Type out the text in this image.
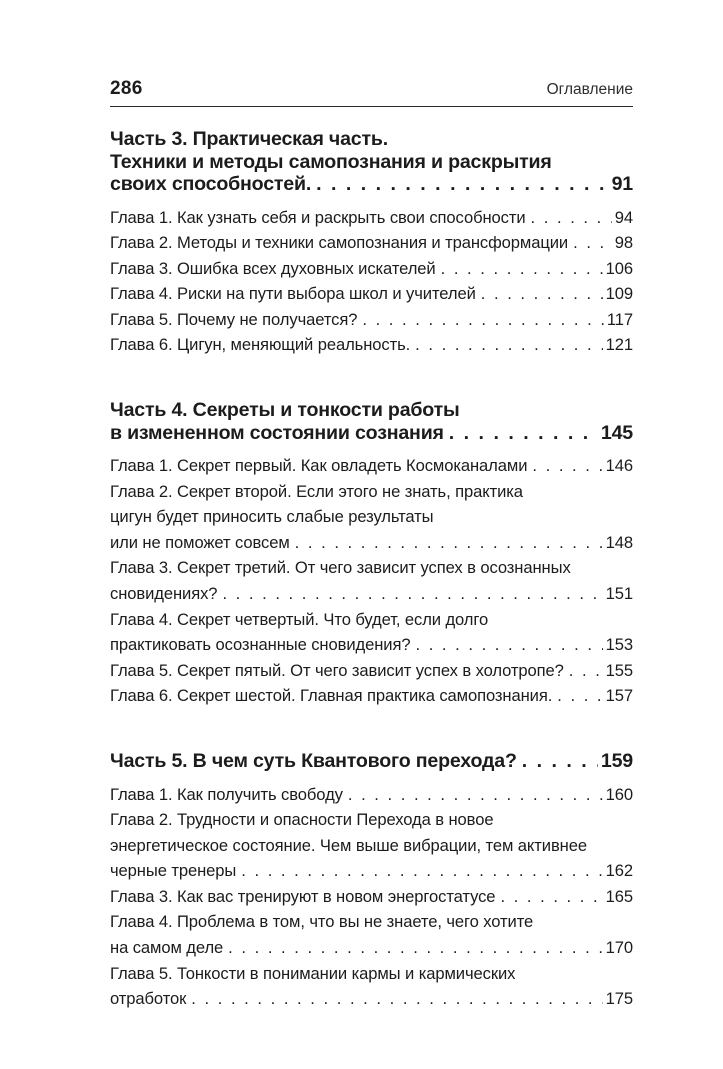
286	Оглавление
Часть 3. Практическая часть.
Техники и методы самопознания и раскрытия
своих способностей. . . .	91
Глава 1. Как узнать себя и раскрыть свои способности . . .	94
Глава 2. Методы и техники самопознания и трансформации . . .	98
Глава 3. Ошибка всех духовных искателей . . .	106
Глава 4. Риски на пути выбора школ и учителей . . .	109
Глава 5. Почему не получается? . . .	117
Глава 6. Цигун, меняющий реальность. . . .	121
Часть 4. Секреты и тонкости работы
в измененном состоянии сознания . . .	145
Глава 1. Секрет первый. Как овладеть Космоканалами . . .	146
Глава 2. Секрет второй. Если этого не знать, практика
цигун будет приносить слабые результаты
или не поможет совсем . . .	148
Глава 3. Секрет третий. От чего зависит успех в осознанных
сновидениях? . . .	151
Глава 4. Секрет четвертый. Что будет, если долго
практиковать осознанные сновидения? . . .	153
Глава 5. Секрет пятый. От чего зависит успех в холотропе? . . .	155
Глава 6. Секрет шестой. Главная практика самопознания. . . .	157
Часть 5. В чем суть Квантового перехода? . . .	159
Глава 1. Как получить свободу . . .	160
Глава 2. Трудности и опасности Перехода в новое
энергетическое состояние. Чем выше вибрации, тем активнее
черные тренеры . . .	162
Глава 3. Как вас тренируют в новом энергостатусе . . .	165
Глава 4. Проблема в том, что вы не знаете, чего хотите
на самом деле . . .	170
Глава 5. Тонкости в понимании кармы и кармических
отработок . . .	175
